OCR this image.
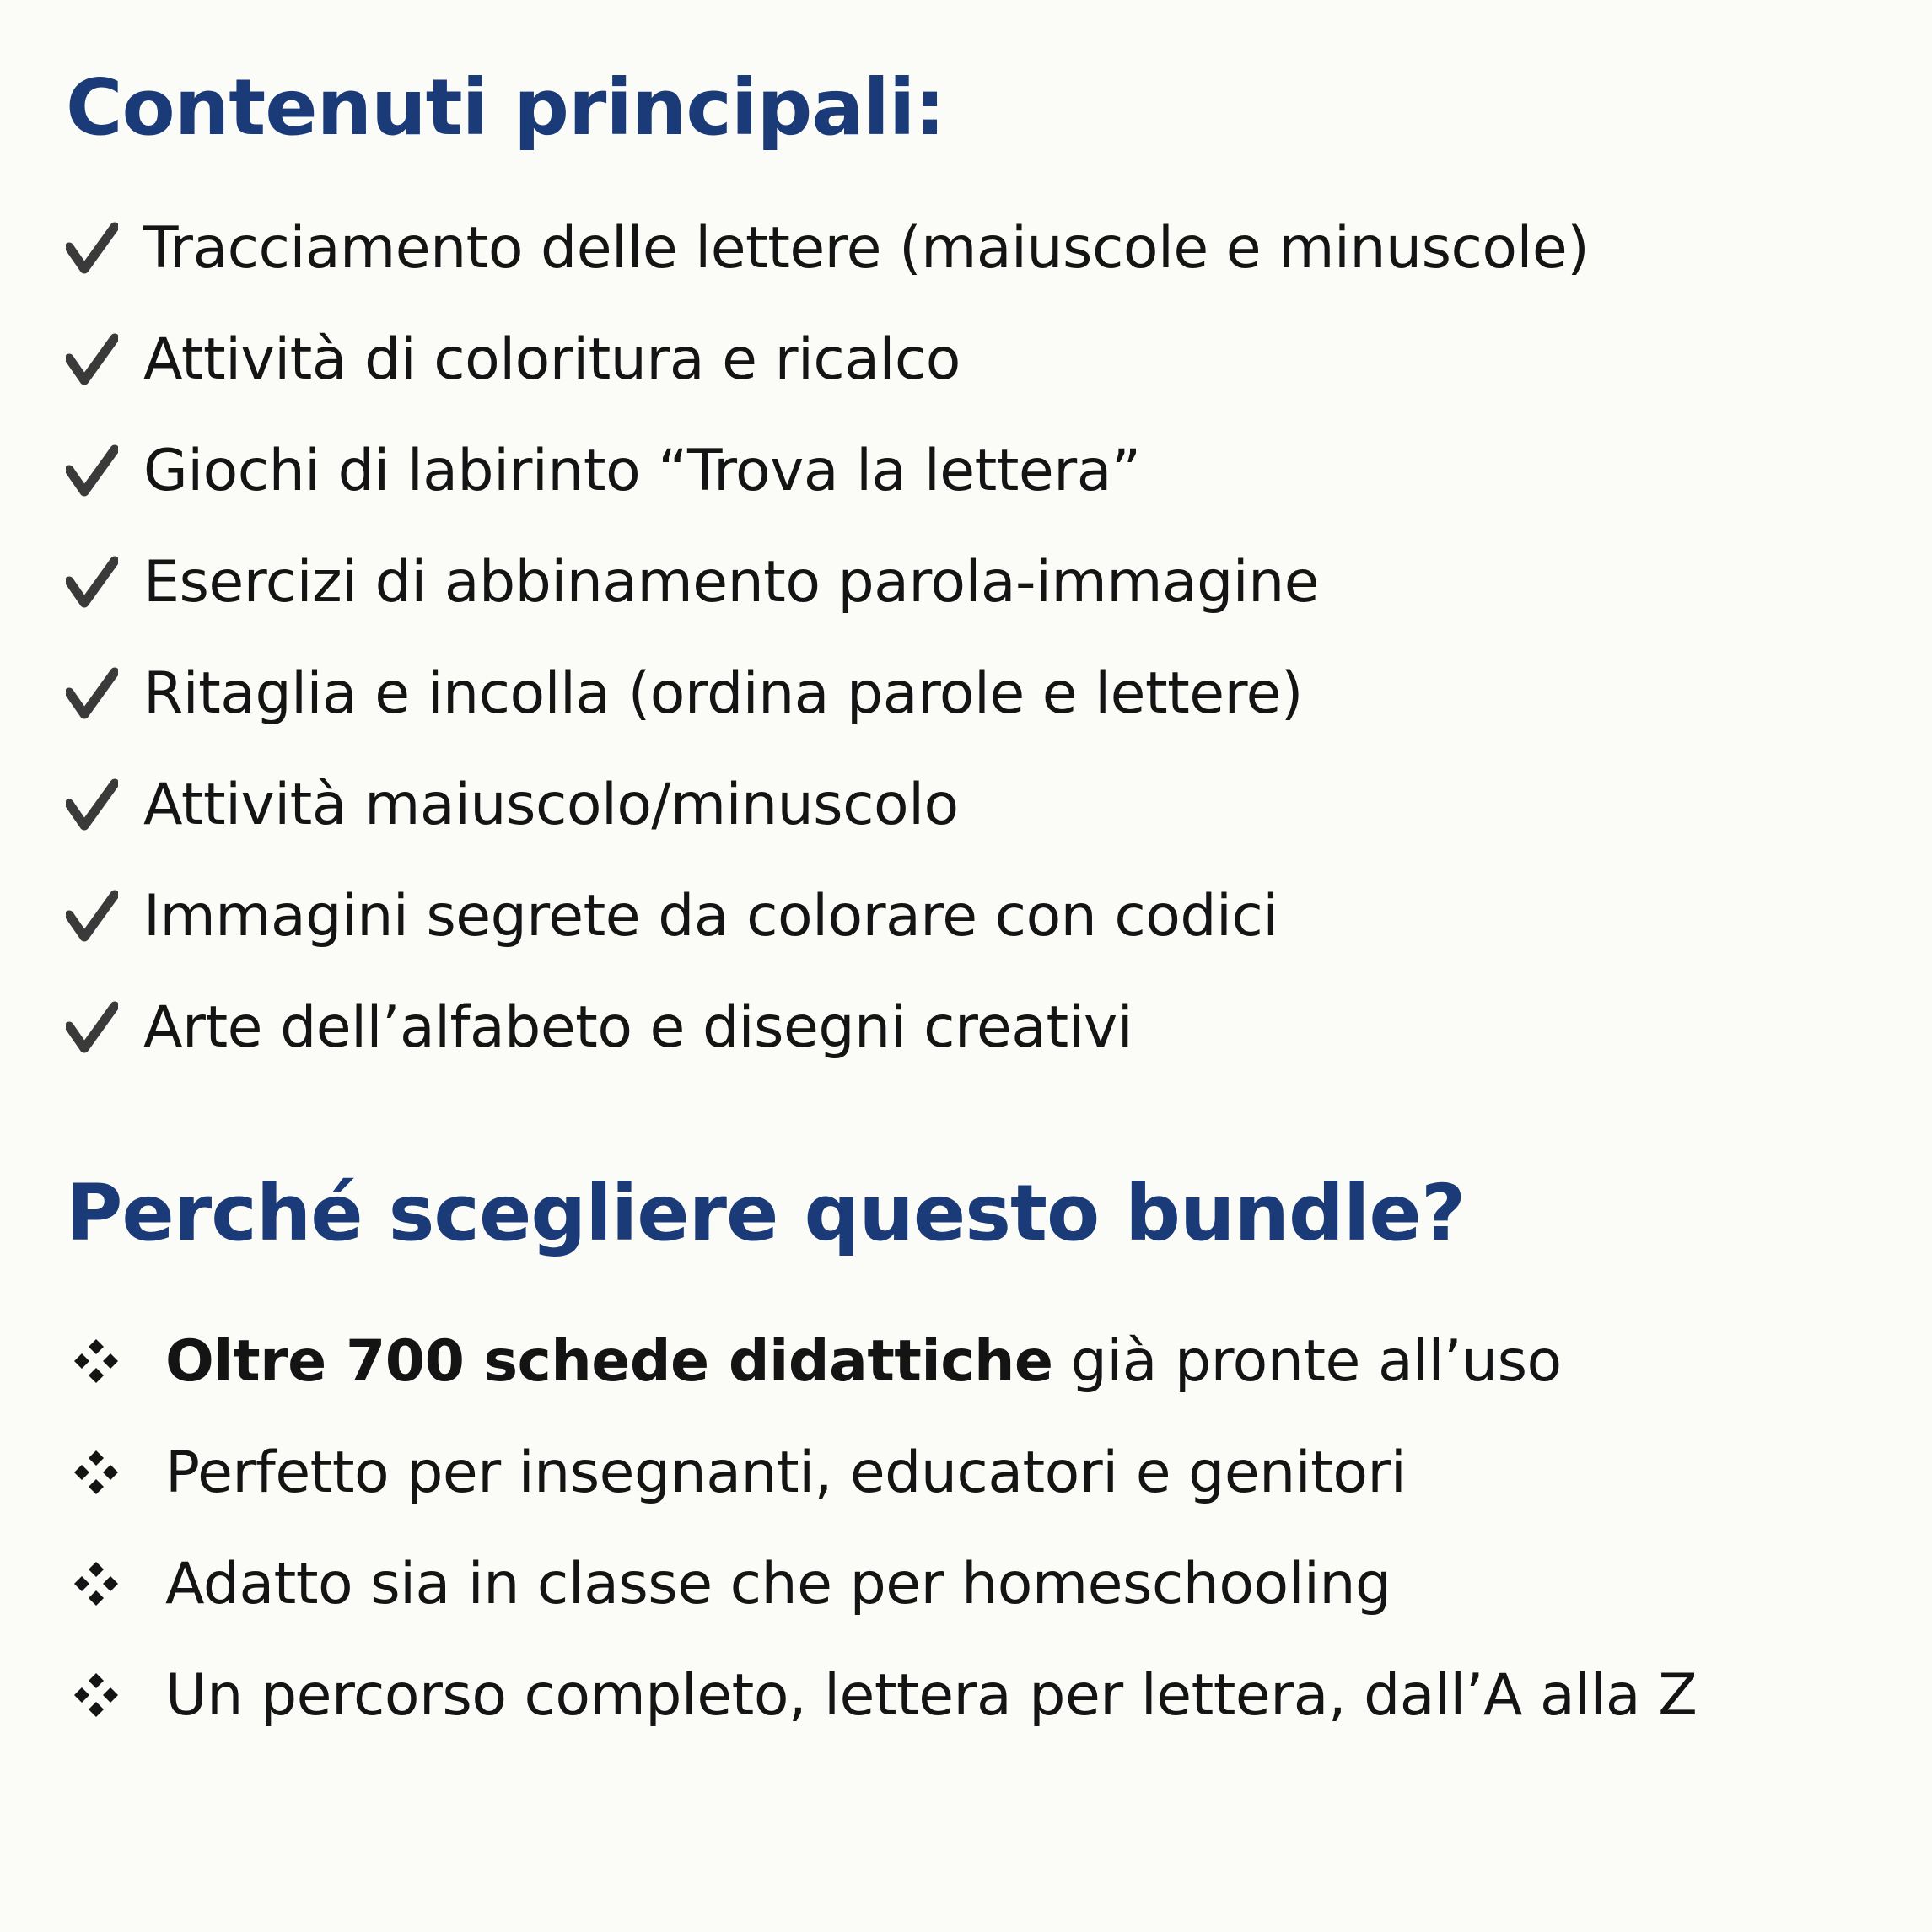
Contenuti principali:
Tracciamento delle lettere (maiuscole e minuscole)
Attività di coloritura e ricalco
Giochi di labirinto “Trova la lettera”
Esercizi di abbinamento parola-immagine
Ritaglia e incolla (ordina parole e lettere)
Attività maiuscolo/minuscolo
Immagini segrete da colorare con codici
Arte dell’alfabeto e disegni creativi
Perché scegliere questo bundle?
Oltre 700 schede didattiche già pronte all’uso
Perfetto per insegnanti, educatori e genitori
Adatto sia in classe che per homeschooling
Un percorso completo, lettera per lettera, dall’A alla Z
